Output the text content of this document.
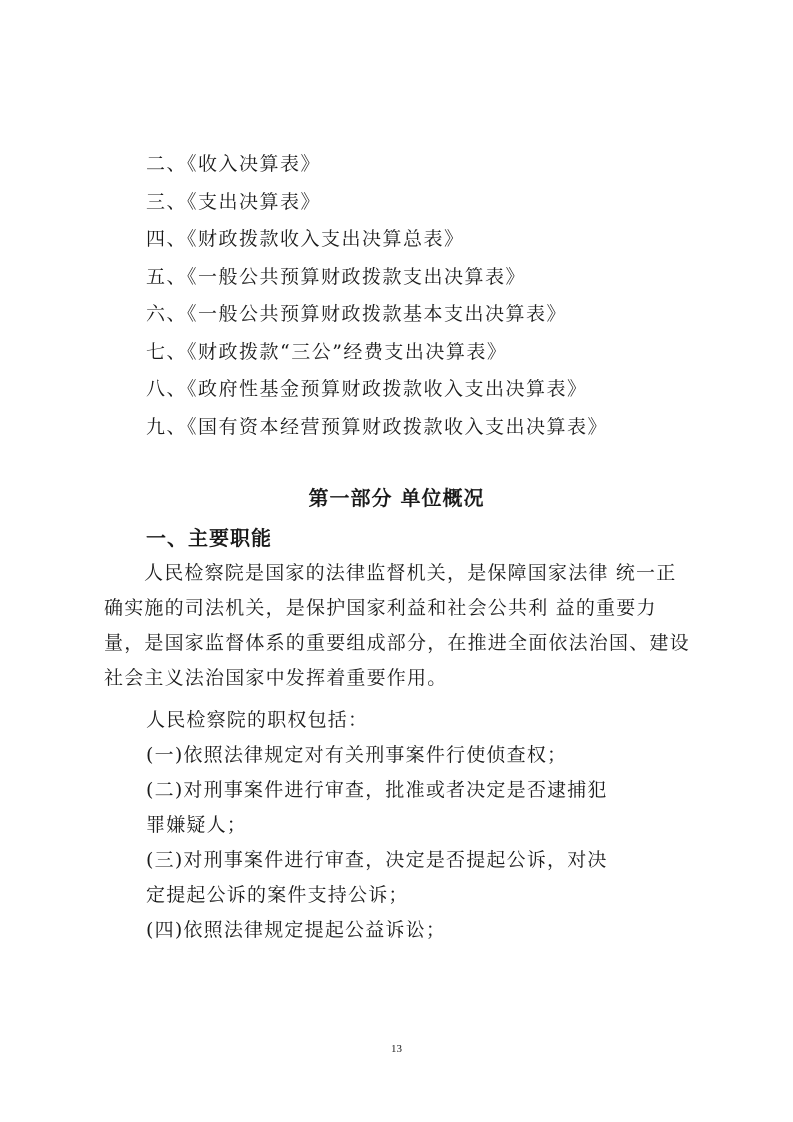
二、《收入决算表》
三、《支出决算表》
四、《财政拨款收入支出决算总表》
五、《一般公共预算财政拨款支出决算表》
六、《一般公共预算财政拨款基本支出决算表》
七、《财政拨款“三公”经费支出决算表》
八、《政府性基金预算财政拨款收入支出决算表》
九、《国有资本经营预算财政拨款收入支出决算表》
第一部分 单位概况
一、主要职能
人民检察院是国家的法律监督机关，是保障国家法律 统一正确实施的司法机关，是保护国家利益和社会公共利 益的重要力量，是国家监督体系的重要组成部分，在推进全面依法治国、建设社会主义法治国家中发挥着重要作用。
人民检察院的职权包括：
(一)依照法律规定对有关刑事案件行使侦查权；
(二)对刑事案件进行审查，批准或者决定是否逮捕犯
罪嫌疑人；
(三)对刑事案件进行审查，决定是否提起公诉，对决
定提起公诉的案件支持公诉；
(四)依照法律规定提起公益诉讼；
13
